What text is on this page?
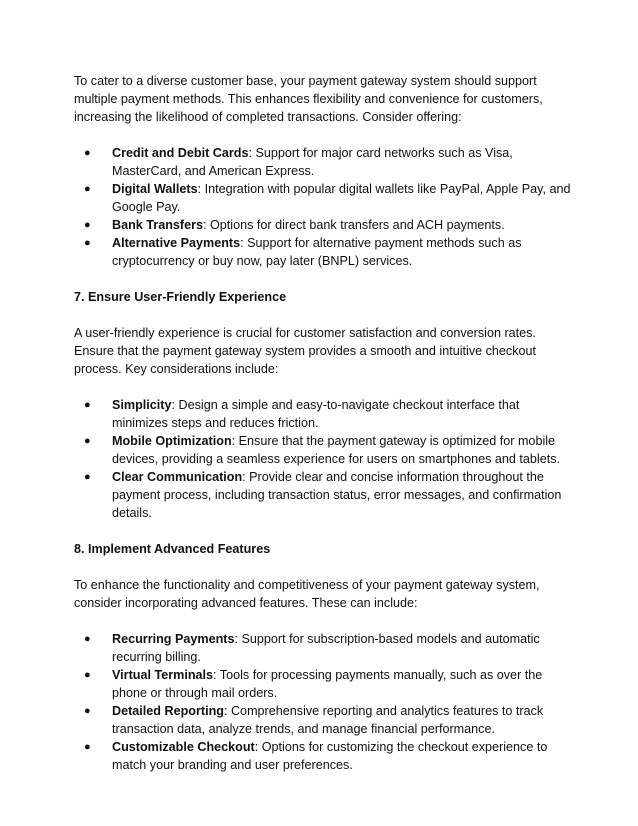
To cater to a diverse customer base, your payment gateway system should support multiple payment methods. This enhances flexibility and convenience for customers, increasing the likelihood of completed transactions. Consider offering:

● Credit and Debit Cards: Support for major card networks such as Visa, MasterCard, and American Express.
● Digital Wallets: Integration with popular digital wallets like PayPal, Apple Pay, and Google Pay.
● Bank Transfers: Options for direct bank transfers and ACH payments.
● Alternative Payments: Support for alternative payment methods such as cryptocurrency or buy now, pay later (BNPL) services.

7. Ensure User-Friendly Experience

A user-friendly experience is crucial for customer satisfaction and conversion rates. Ensure that the payment gateway system provides a smooth and intuitive checkout process. Key considerations include:

● Simplicity: Design a simple and easy-to-navigate checkout interface that minimizes steps and reduces friction.
● Mobile Optimization: Ensure that the payment gateway is optimized for mobile devices, providing a seamless experience for users on smartphones and tablets.
● Clear Communication: Provide clear and concise information throughout the payment process, including transaction status, error messages, and confirmation details.

8. Implement Advanced Features

To enhance the functionality and competitiveness of your payment gateway system, consider incorporating advanced features. These can include:

● Recurring Payments: Support for subscription-based models and automatic recurring billing.
● Virtual Terminals: Tools for processing payments manually, such as over the phone or through mail orders.
● Detailed Reporting: Comprehensive reporting and analytics features to track transaction data, analyze trends, and manage financial performance.
● Customizable Checkout: Options for customizing the checkout experience to match your branding and user preferences.
